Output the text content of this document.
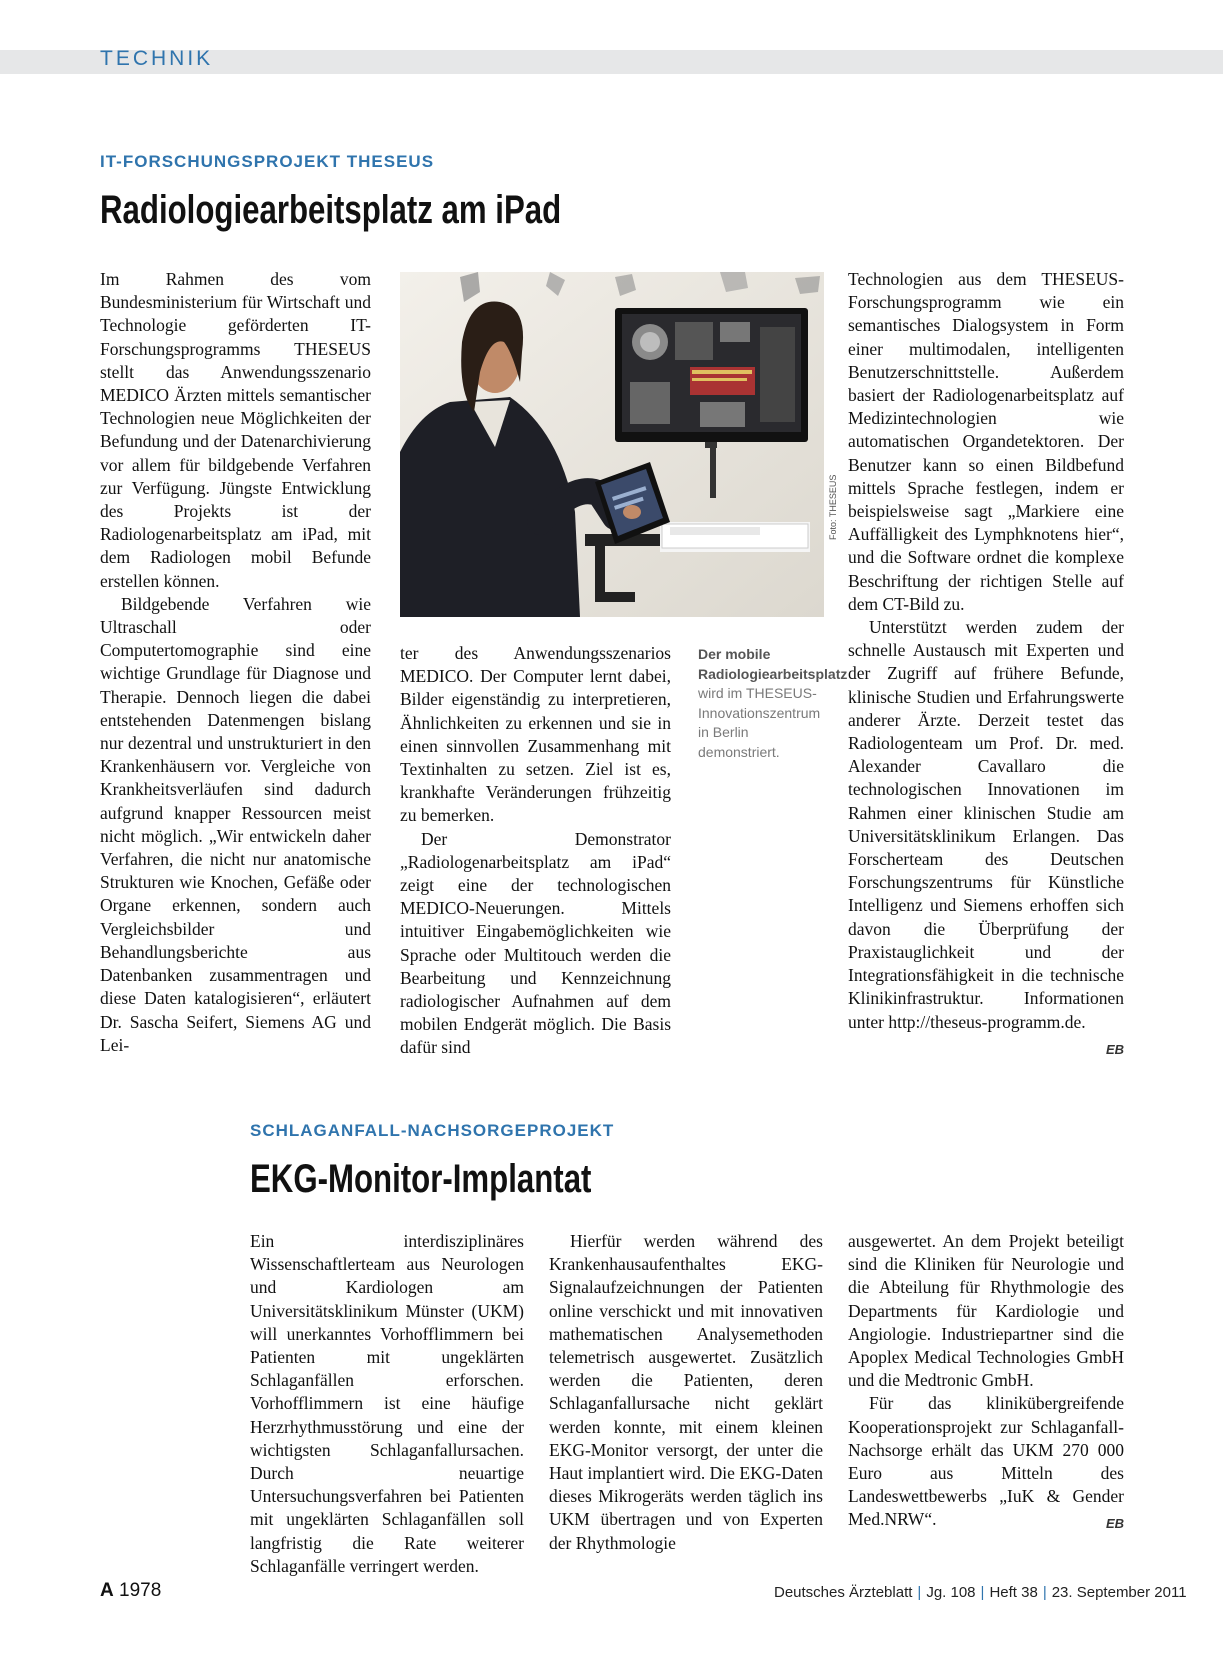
TECHNIK
IT-FORSCHUNGSPROJEKT THESEUS
Radiologiearbeitsplatz am iPad

Im Rahmen des vom Bundesministerium für Wirtschaft und Technologie geförderten IT-Forschungsprogramms THESEUS stellt das Anwendungsszenario MEDICO Ärzten mittels semantischer Technologien neue Möglichkeiten der Befundung und der Datenarchivierung vor allem für bildgebende Verfahren zur Verfügung. Jüngste Entwicklung des Projekts ist der Radiologenarbeitsplatz am iPad, mit dem Radiologen mobil Befunde erstellen können.

Bildgebende Verfahren wie Ultraschall oder Computertomographie sind eine wichtige Grundlage für Diagnose und Therapie. Dennoch liegen die dabei entstehenden Datenmengen bislang nur dezentral und unstrukturiert in den Krankenhäusern vor. Vergleiche von Krankheitsverläufen sind dadurch aufgrund knapper Ressourcen meist nicht möglich. „Wir entwickeln daher Verfahren, die nicht nur anatomische Strukturen wie Knochen, Gefäße oder Organe erkennen, sondern auch Vergleichsbilder und Behandlungsberichte aus Datenbanken zusammentragen und diese Daten katalogisieren“, erläutert Dr. Sascha Seifert, Siemens AG und Lei-

Foto: THESEUS
Der mobile Radiologiearbeitsplatz wird im THESEUS-Innovationszentrum in Berlin demonstriert.

ter des Anwendungsszenarios MEDICO. Der Computer lernt dabei, Bilder eigenständig zu interpretieren, Ähnlichkeiten zu erkennen und sie in einen sinnvollen Zusammenhang mit Textinhalten zu setzen. Ziel ist es, krankhafte Veränderungen frühzeitig zu bemerken.

Der Demonstrator „Radiologenarbeitsplatz am iPad“ zeigt eine der technologischen MEDICO-Neuerungen. Mittels intuitiver Eingabemöglichkeiten wie Sprache oder Multitouch werden die Bearbeitung und Kennzeichnung radiologischer Aufnahmen auf dem mobilen Endgerät möglich. Die Basis dafür sind

Technologien aus dem THESEUS-Forschungsprogramm wie ein semantisches Dialogsystem in Form einer multimodalen, intelligenten Benutzerschnittstelle. Außerdem basiert der Radiologenarbeitsplatz auf Medizintechnologien wie automatischen Organdetektoren. Der Benutzer kann so einen Bildbefund mittels Sprache festlegen, indem er beispielsweise sagt „Markiere eine Auffälligkeit des Lymphknotens hier“, und die Software ordnet die komplexe Beschriftung der richtigen Stelle auf dem CT-Bild zu.

Unterstützt werden zudem der schnelle Austausch mit Experten und der Zugriff auf frühere Befunde, klinische Studien und Erfahrungswerte anderer Ärzte. Derzeit testet das Radiologenteam um Prof. Dr. med. Alexander Cavallaro die technologischen Innovationen im Rahmen einer klinischen Studie am Universitätsklinikum Erlangen. Das Forscherteam des Deutschen Forschungszentrums für Künstliche Intelligenz und Siemens erhoffen sich davon die Überprüfung der Praxistauglichkeit und der Integrationsfähigkeit in die technische Klinikinfrastruktur. Informationen unter http://theseus-programm.de.
EB

SCHLAGANFALL-NACHSORGEPROJEKT
EKG-Monitor-Implantat

Ein interdisziplinäres Wissenschaftlerteam aus Neurologen und Kardiologen am Universitätsklinikum Münster (UKM) will unerkanntes Vorhofflimmern bei Patienten mit ungeklärten Schlaganfällen erforschen. Vorhofflimmern ist eine häufige Herzrhythmusstörung und eine der wichtigsten Schlaganfallursachen. Durch neuartige Untersuchungsverfahren bei Patienten mit ungeklärten Schlaganfällen soll langfristig die Rate weiterer Schlaganfälle verringert werden.

Hierfür werden während des Krankenhausaufenthaltes EKG-Signalaufzeichnungen der Patienten online verschickt und mit innovativen mathematischen Analysemethoden telemetrisch ausgewertet. Zusätzlich werden die Patienten, deren Schlaganfallursache nicht geklärt werden konnte, mit einem kleinen EKG-Monitor versorgt, der unter die Haut implantiert wird. Die EKG-Daten dieses Mikrogeräts werden täglich ins UKM übertragen und von Experten der Rhythmologie

ausgewertet. An dem Projekt beteiligt sind die Kliniken für Neurologie und die Abteilung für Rhythmologie des Departments für Kardiologie und Angiologie. Industriepartner sind die Apoplex Medical Technologies GmbH und die Medtronic GmbH.

Für das klinikübergreifende Kooperationsprojekt zur Schlaganfall-Nachsorge erhält das UKM 270 000 Euro aus Mitteln des Landeswettbewerbs „IuK & Gender Med.NRW“.	EB

A 1978	Deutsches Ärzteblatt | Jg. 108 | Heft 38 | 23. September 2011
